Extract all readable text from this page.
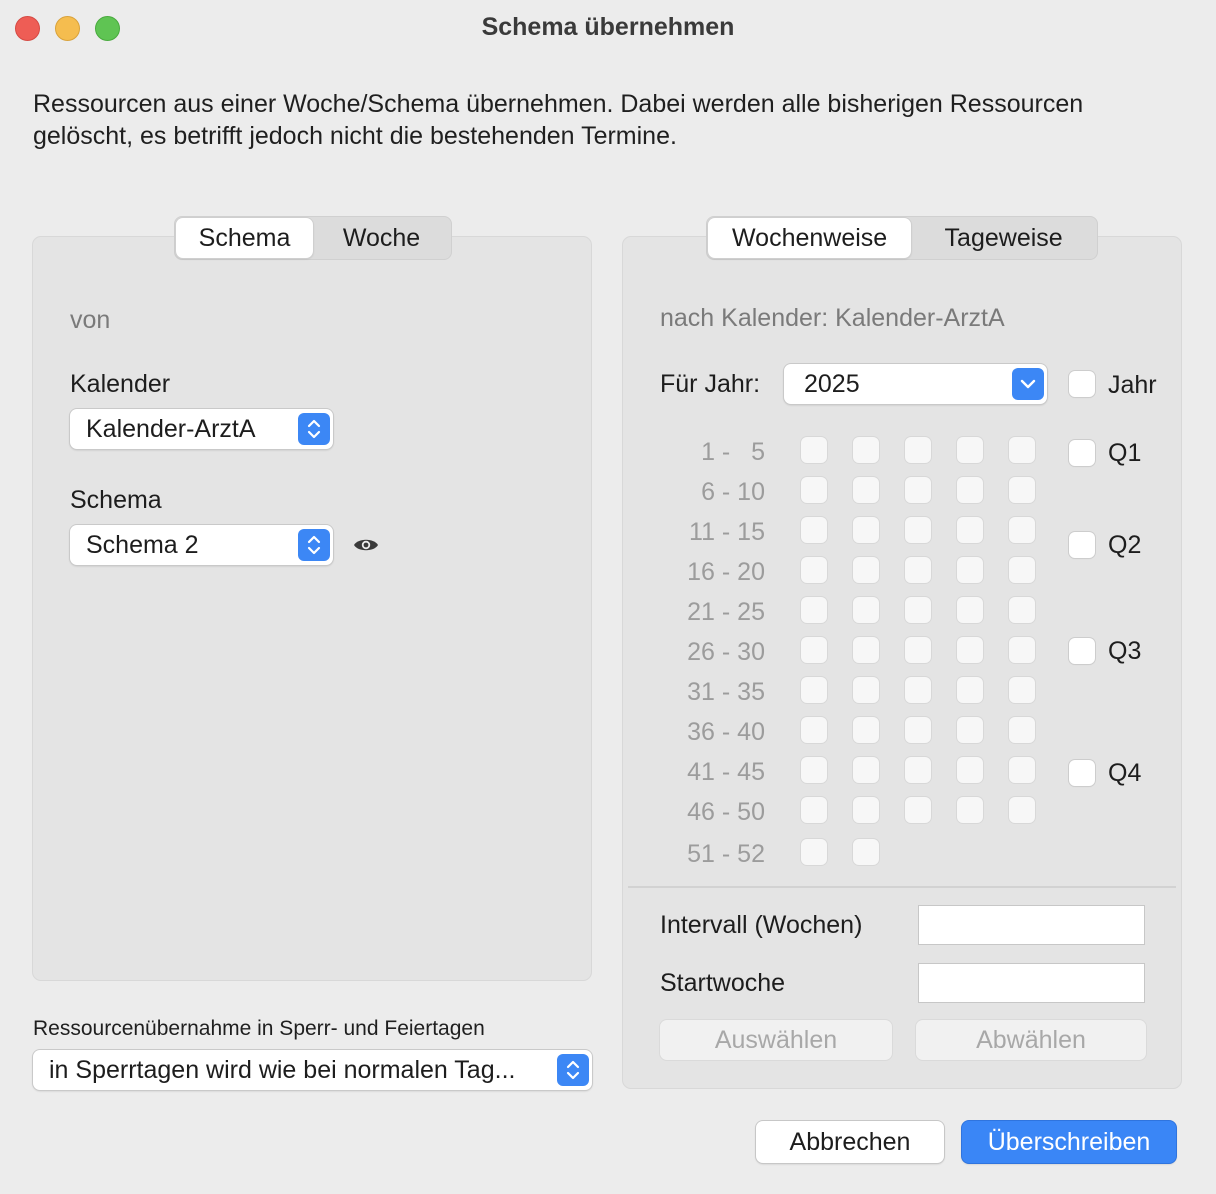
Schema übernehmen
Ressourcen aus einer Woche/Schema übernehmen. Dabei werden alle bisherigen Ressourcen gelöscht, es betrifft jedoch nicht die bestehenden Termine.
Schema	Woche
von
Kalender
Kalender-ArztA
Schema
Schema 2
Ressourcenübernahme in Sperr- und Feiertagen
in Sperrtagen wird wie bei normalen Tag...
Wochenweise	Tageweise
nach Kalender: Kalender-ArztA
Für Jahr: 2025	Jahr
1 -   5
6 - 10
11 - 15
16 - 20
21 - 25
26 - 30
31 - 35
36 - 40
41 - 45
46 - 50
51 - 52
Q1
Q2
Q3
Q4
Intervall (Wochen)
Startwoche
Auswählen	Abwählen
Abbrechen	Überschreiben
